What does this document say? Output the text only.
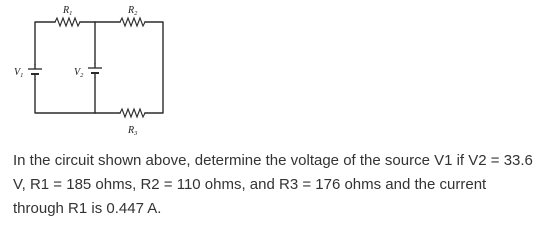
$R_1$	$R_2$
$R_3$
$V_1$	$V_2$

In the circuit shown above, determine the voltage of the source V1 if V2 = 33.6 V, R1 = 185 ohms, R2 = 110 ohms, and R3 = 176 ohms and the current through R1 is 0.447 A.
